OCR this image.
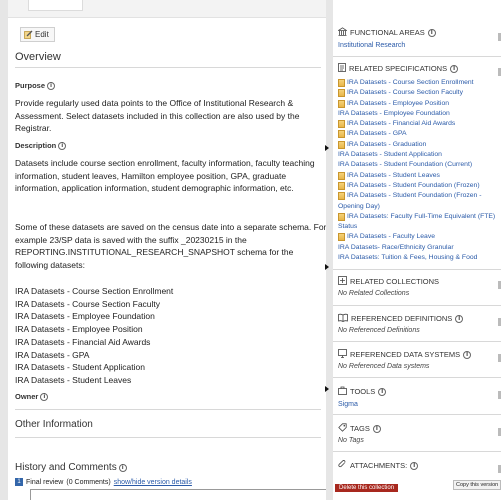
Edit
Overview
Purpose i
Provide regularly used data points to the Office of Institutional Research & Assessment. Select datasets included in this collection are also used by the Registrar.
Description i
Datasets include course section enrollment, faculty information, faculty teaching information, student leaves, Hamilton employee position, GPA, graduate information, application information, student demographic information, etc.
Some of these datasets are saved on the census date into a separate schema. For example 23/SP data is saved with the suffix _20230215 in the REPORTING.INSTITUTIONAL_RESEARCH_SNAPSHOT schema for the following datasets:
IRA Datasets - Course Section Enrollment
IRA Datasets - Course Section Faculty
IRA Datasets - Employee Foundation
IRA Datasets - Employee Position
IRA Datasets - Financial Aid Awards
IRA Datasets - GPA
IRA Datasets - Student Application
IRA Datasets - Student Leaves
Owner i
Other Information
History and Comments i
1 Final review (0 Comments) show/hide version details
FUNCTIONAL AREAS I
Institutional Research
RELATED SPECIFICATIONS I
IRA Datasets - Course Section Enrollment
IRA Datasets - Course Section Faculty
IRA Datasets - Employee Position
IRA Datasets - Employee Foundation
IRA Datasets - Financial Aid Awards
IRA Datasets - GPA
IRA Datasets - Graduation
IRA Datasets - Student Application
IRA Datasets - Student Foundation (Current)
IRA Datasets - Student Leaves
IRA Datasets - Student Foundation (Frozen)
IRA Datasets - Student Foundation (Frozen -
Opening Day)
IRA Datasets: Faculty Full-Time Equivalent (FTE)
Status
IRA Datasets - Faculty Leave
IRA Datasets- Race/Ethnicity Granular
IRA Datasets: Tuition & Fees, Housing & Food
RELATED COLLECTIONS
No Related Collections
REFERENCED DEFINITIONS I
No Referenced Definitions
REFERENCED DATA SYSTEMS I
No Referenced Data systems
TOOLS I
Sigma
TAGS I
No Tags
ATTACHMENTS: I
Delete this collection	Copy this version
